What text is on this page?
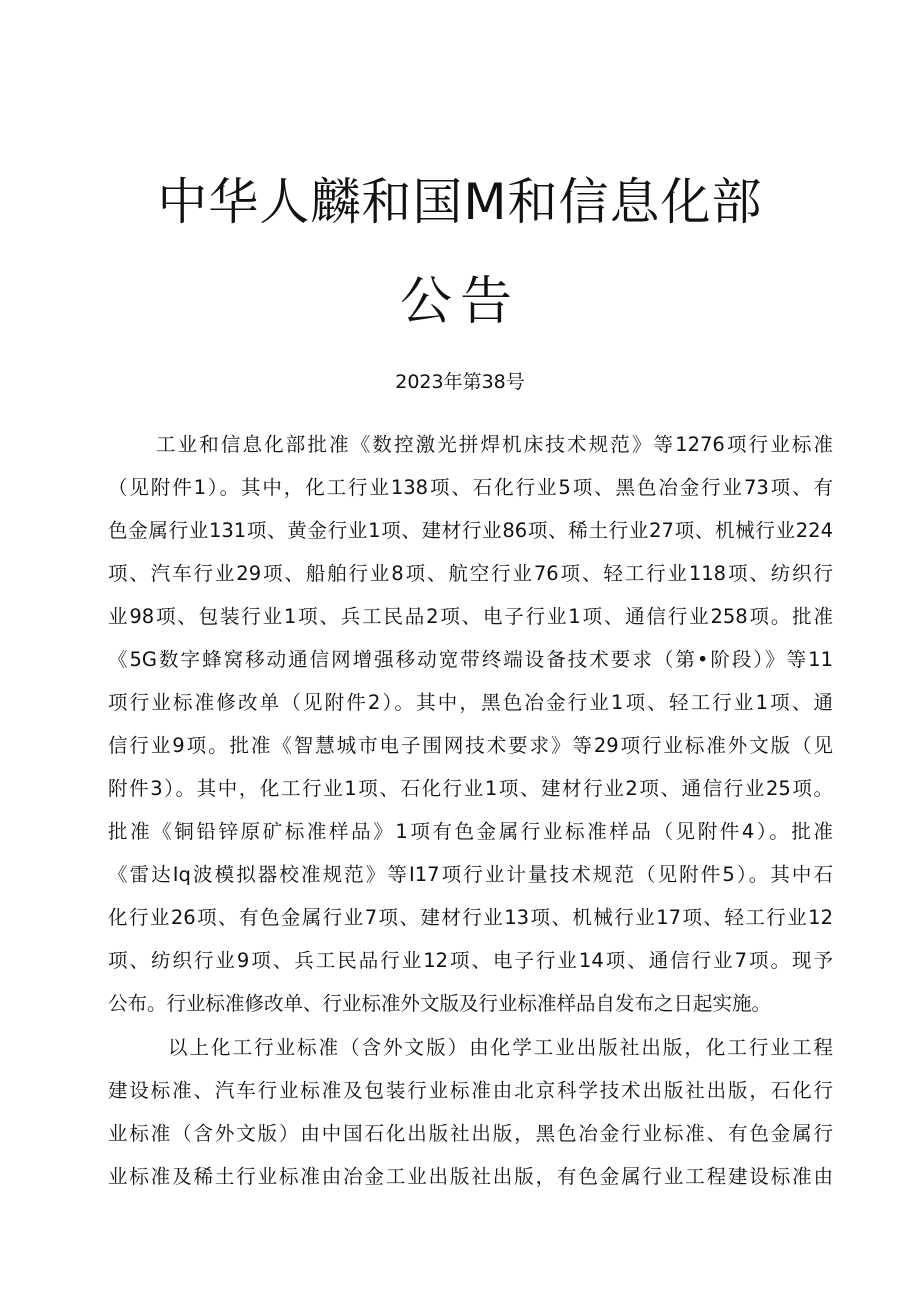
中华人麟和国M和信息化部
公告

2023年第38号

工业和信息化部批准《数控激光拼焊机床技术规范》等1276项行业标准
（见附件1）。其中，化工行业138项、石化行业5项、黑色冶金行业73项、有
色金属行业131项、黄金行业1项、建材行业86项、稀土行业27项、机械行业224
项、汽车行业29项、船舶行业8项、航空行业76项、轻工行业118项、纺织行
业98项、包装行业1项、兵工民品2项、电子行业1项、通信行业258项。批准
《5G数字蜂窝移动通信网增强移动宽带终端设备技术要求（第•阶段）》等11
项行业标准修改单（见附件2）。其中，黑色冶金行业1项、轻工行业1项、通
信行业9项。批准《智慧城市电子围网技术要求》等29项行业标准外文版（见
附件3）。其中，化工行业1项、石化行业1项、建材行业2项、通信行业25项。
批准《铜铅锌原矿标准样品》1项有色金属行业标准样品（见附件4）。批准
《雷达Iq波模拟器校准规范》等I17项行业计量技术规范（见附件5）。其中石
化行业26项、有色金属行业7项、建材行业13项、机械行业17项、轻工行业12
项、纺织行业9项、兵工民品行业12项、电子行业14项、通信行业7项。现予
公布。行业标准修改单、行业标准外文版及行业标准样品自发布之日起实施。
以上化工行业标准（含外文版）由化学工业出版社出版，化工行业工程
建设标准、汽车行业标准及包装行业标准由北京科学技术出版社出版，石化行
业标准（含外文版）由中国石化出版社出版，黑色冶金行业标准、有色金属行
业标准及稀土行业标准由冶金工业出版社出版，有色金属行业工程建设标准由
